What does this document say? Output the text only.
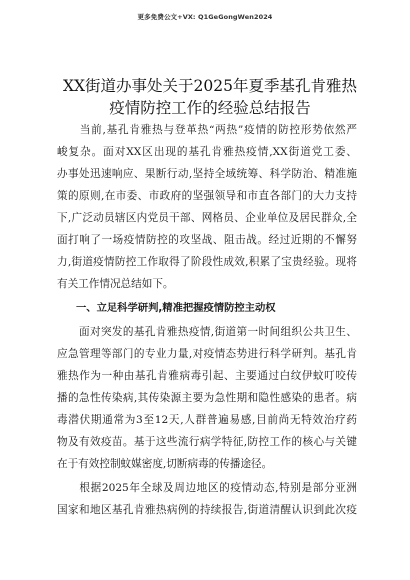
更多免费公文+VX: Q1GeGongWen2024
XX街道办事处关于2025年夏季基孔肯雅热
疫情防控工作的经验总结报告

　　当前,基孔肯雅热与登革热“两热”疫情的防控形势依然严

峻复杂。面对XX区出现的基孔肯雅热疫情,XX街道党工委、

办事处迅速响应、果断行动,坚持全域统筹、科学防治、精准施

策的原则,在市委、市政府的坚强领导和市直各部门的大力支持

下,广泛动员辖区内党员干部、网格员、企业单位及居民群众,全

面打响了一场疫情防控的攻坚战、阻击战。经过近期的不懈努

力,街道疫情防控工作取得了阶段性成效,积累了宝贵经验。现将

有关工作情况总结如下。

一、立足科学研判,精准把握疫情防控主动权

　　面对突发的基孔肯雅热疫情,街道第一时间组织公共卫生、

应急管理等部门的专业力量,对疫情态势进行科学研判。基孔肯

雅热作为一种由基孔肯雅病毒引起、主要通过白纹伊蚊叮咬传

播的急性传染病,其传染源主要为急性期和隐性感染的患者。病

毒潜伏期通常为3至12天,人群普遍易感,目前尚无特效治疗药

物及有效疫苗。基于这些流行病学特征,防控工作的核心与关键

在于有效控制蚊媒密度,切断病毒的传播途径。

　　根据2025年全球及周边地区的疫情动态,特别是部分亚洲

国家和地区基孔肯雅热病例的持续报告,街道清醒认识到此次疫
